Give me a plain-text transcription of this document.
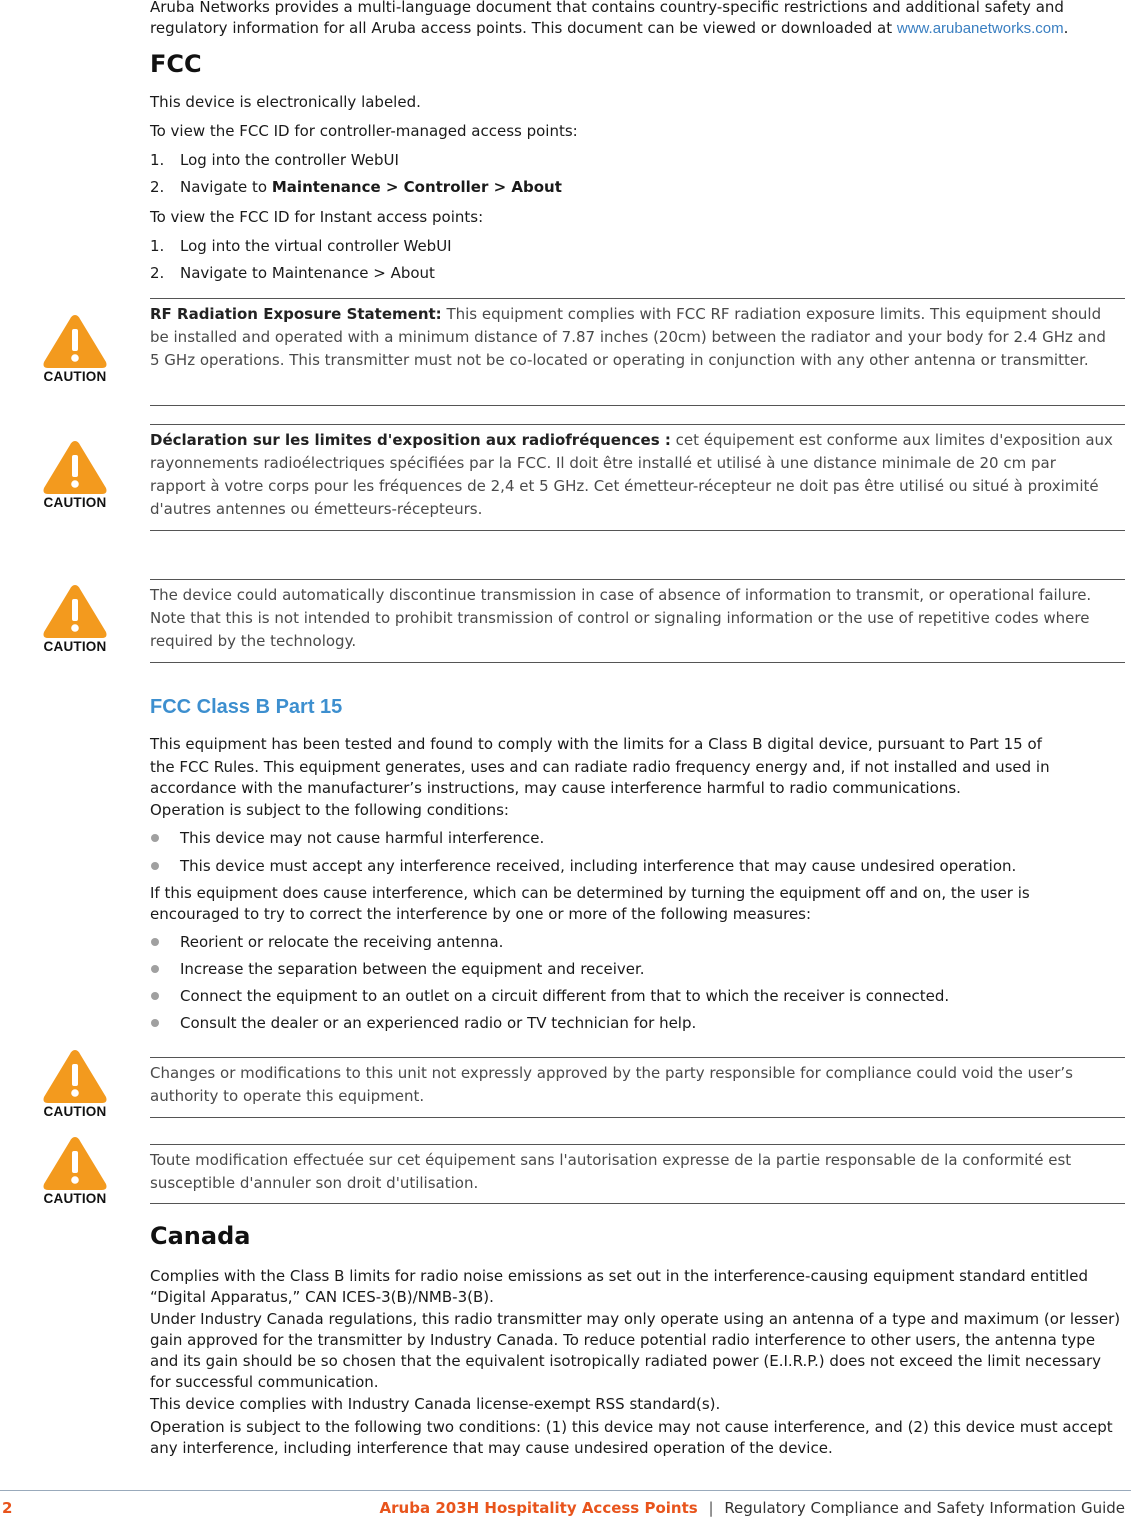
Aruba Networks provides a multi-language document that contains country-specific restrictions and additional safety and regulatory information for all Aruba access points. This document can be viewed or downloaded at www.arubanetworks.com.
FCC
This device is electronically labeled.
To view the FCC ID for controller-managed access points:
1. Log into the controller WebUI
2. Navigate to Maintenance > Controller > About
To view the FCC ID for Instant access points:
1. Log into the virtual controller WebUI
2. Navigate to Maintenance > About
CAUTION
RF Radiation Exposure Statement: This equipment complies with FCC RF radiation exposure limits. This equipment should be installed and operated with a minimum distance of 7.87 inches (20cm) between the radiator and your body for 2.4 GHz and 5 GHz operations. This transmitter must not be co-located or operating in conjunction with any other antenna or transmitter.
CAUTION
Déclaration sur les limites d'exposition aux radiofréquences : cet équipement est conforme aux limites d'exposition aux rayonnements radioélectriques spécifiées par la FCC. Il doit être installé et utilisé à une distance minimale de 20 cm par rapport à votre corps pour les fréquences de 2,4 et 5 GHz. Cet émetteur-récepteur ne doit pas être utilisé ou situé à proximité d'autres antennes ou émetteurs-récepteurs.
CAUTION
The device could automatically discontinue transmission in case of absence of information to transmit, or operational failure. Note that this is not intended to prohibit transmission of control or signaling information or the use of repetitive codes where required by the technology.
FCC Class B Part 15
This equipment has been tested and found to comply with the limits for a Class B digital device, pursuant to Part 15 of
the FCC Rules. This equipment generates, uses and can radiate radio frequency energy and, if not installed and used in
accordance with the manufacturer’s instructions, may cause interference harmful to radio communications.
Operation is subject to the following conditions:
This device may not cause harmful interference.
This device must accept any interference received, including interference that may cause undesired operation.
If this equipment does cause interference, which can be determined by turning the equipment off and on, the user is
encouraged to try to correct the interference by one or more of the following measures:
Reorient or relocate the receiving antenna.
Increase the separation between the equipment and receiver.
Connect the equipment to an outlet on a circuit different from that to which the receiver is connected.
Consult the dealer or an experienced radio or TV technician for help.
CAUTION
Changes or modifications to this unit not expressly approved by the party responsible for compliance could void the user’s authority to operate this equipment.
CAUTION
Toute modification effectuée sur cet équipement sans l'autorisation expresse de la partie responsable de la conformité est susceptible d'annuler son droit d'utilisation.
Canada
Complies with the Class B limits for radio noise emissions as set out in the interference-causing equipment standard entitled “Digital Apparatus,” CAN ICES-3(B)/NMB-3(B).
Under Industry Canada regulations, this radio transmitter may only operate using an antenna of a type and maximum (or lesser) gain approved for the transmitter by Industry Canada. To reduce potential radio interference to other users, the antenna type and its gain should be so chosen that the equivalent isotropically radiated power (E.I.R.P.) does not exceed the limit necessary for successful communication.
This device complies with Industry Canada license-exempt RSS standard(s).
Operation is subject to the following two conditions: (1) this device may not cause interference, and (2) this device must accept any interference, including interference that may cause undesired operation of the device.
2	Aruba 203H Hospitality Access Points | Regulatory Compliance and Safety Information Guide
